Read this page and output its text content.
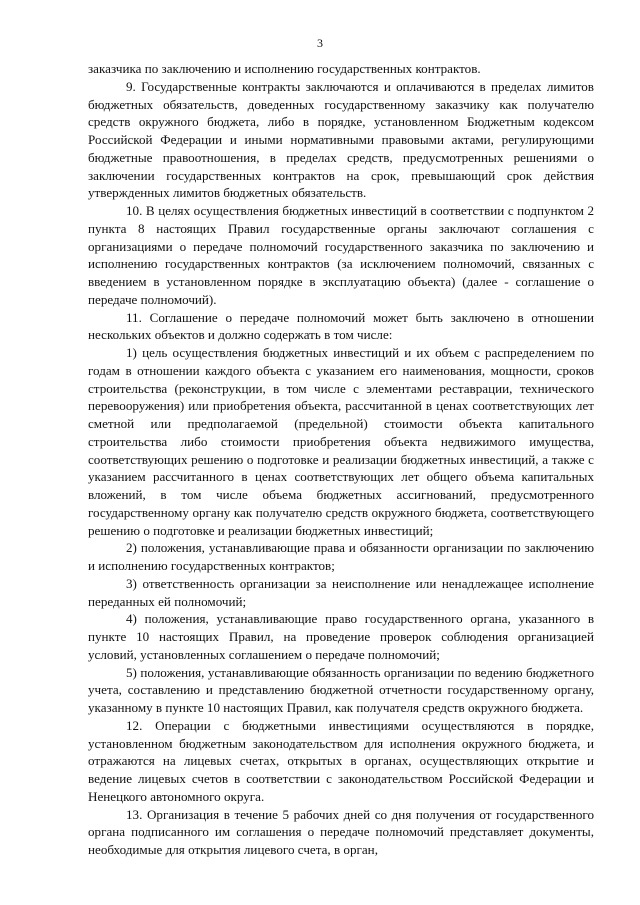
3

заказчика по заключению и исполнению государственных контрактов.

9. Государственные контракты заключаются и оплачиваются в пределах лимитов бюджетных обязательств, доведенных государственному заказчику как получателю средств окружного бюджета, либо в порядке, установленном Бюджетным кодексом Российской Федерации и иными нормативными правовыми актами, регулирующими бюджетные правоотношения, в пределах средств, предусмотренных решениями о заключении государственных контрактов на срок, превышающий срок действия утвержденных лимитов бюджетных обязательств.

10. В целях осуществления бюджетных инвестиций в соответствии с подпунктом 2 пункта 8 настоящих Правил государственные органы заключают соглашения с организациями о передаче полномочий государственного заказчика по заключению и исполнению государственных контрактов (за исключением полномочий, связанных с введением в установленном порядке в эксплуатацию объекта) (далее - соглашение о передаче полномочий).

11. Соглашение о передаче полномочий может быть заключено в отношении нескольких объектов и должно содержать в том числе:

1) цель осуществления бюджетных инвестиций и их объем с распределением по годам в отношении каждого объекта с указанием его наименования, мощности, сроков строительства (реконструкции, в том числе с элементами реставрации, технического перевооружения) или приобретения объекта, рассчитанной в ценах соответствующих лет сметной или предполагаемой (предельной) стоимости объекта капитального строительства либо стоимости приобретения объекта недвижимого имущества, соответствующих решению о подготовке и реализации бюджетных инвестиций, а также с указанием рассчитанного в ценах соответствующих лет общего объема капитальных вложений, в том числе объема бюджетных ассигнований, предусмотренного государственному органу как получателю средств окружного бюджета, соответствующего решению о подготовке и реализации бюджетных инвестиций;

2) положения, устанавливающие права и обязанности организации по заключению и исполнению государственных контрактов;

3) ответственность организации за неисполнение или ненадлежащее исполнение переданных ей полномочий;

4) положения, устанавливающие право государственного органа, указанного в пункте 10 настоящих Правил, на проведение проверок соблюдения организацией условий, установленных соглашением о передаче полномочий;

5) положения, устанавливающие обязанность организации по ведению бюджетного учета, составлению и представлению бюджетной отчетности государственному органу, указанному в пункте 10 настоящих Правил, как получателя средств окружного бюджета.

12. Операции с бюджетными инвестициями осуществляются в порядке, установленном бюджетным законодательством для исполнения окружного бюджета, и отражаются на лицевых счетах, открытых в органах, осуществляющих открытие и ведение лицевых счетов в соответствии с законодательством Российской Федерации и Ненецкого автономного округа.

13. Организация в течение 5 рабочих дней со дня получения от государственного органа подписанного им соглашения о передаче полномочий представляет документы, необходимые для открытия лицевого счета, в орган,
